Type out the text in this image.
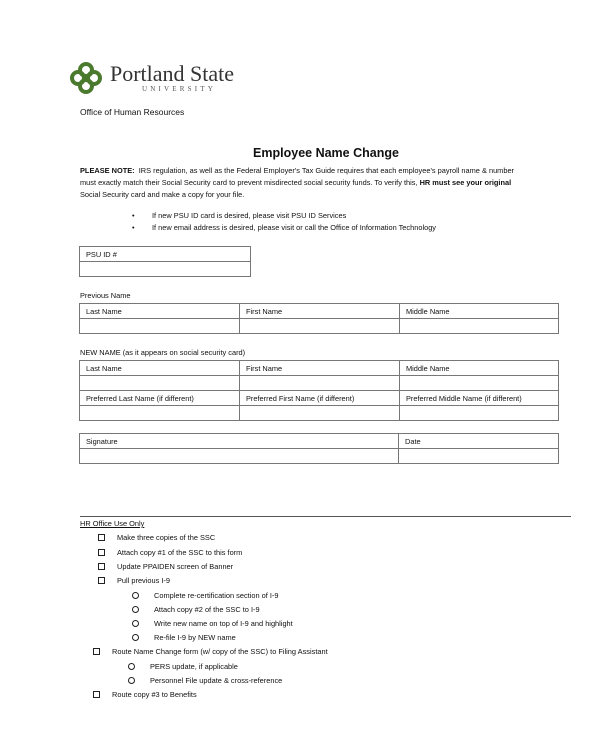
Portland State
UNIVERSITY
Office of Human Resources
Employee Name Change
PLEASE NOTE: IRS regulation, as well as the Federal Employer's Tax Guide requires that each employee's payroll name & number
must exactly match their Social Security card to prevent misdirected social security funds. To verify this, HR must see your original
Social Security card and make a copy for your file.
•	If new PSU ID card is desired, please visit PSU ID Services
•	If new email address is desired, please visit or call the Office of Information Technology
PSU ID #

Previous Name
Last Name	First Name	Middle Name

NEW NAME (as it appears on social security card)
Last Name	First Name	Middle Name

Preferred Last Name (if different)	Preferred First Name (if different)	Preferred Middle Name (if different)

Signature	Date

HR Office Use Only
Make three copies of the SSC
Attach copy #1 of the SSC to this form
Update PPAIDEN screen of Banner
Pull previous I-9
Complete re-certification section of I-9
Attach copy #2 of the SSC to I-9
Write new name on top of I-9 and highlight
Re-file I-9 by NEW name
Route Name Change form (w/ copy of the SSC) to Filing Assistant
PERS update, if applicable
Personnel File update & cross-reference
Route copy #3 to Benefits
